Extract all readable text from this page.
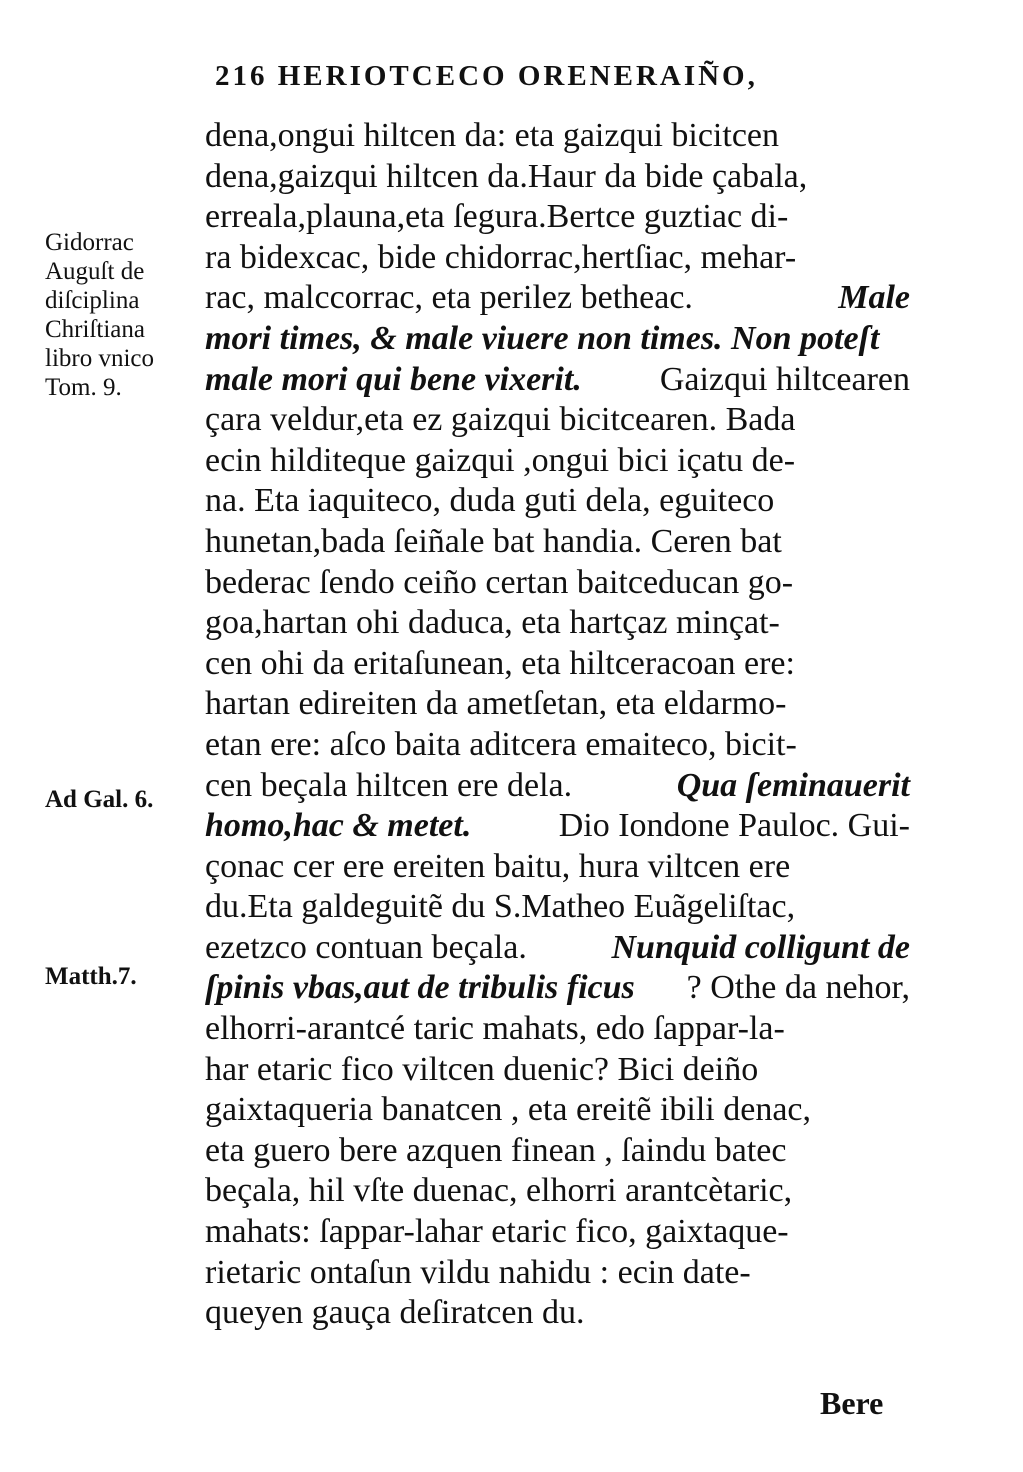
216 HERIOTCECO ORENERAIÑO,
Gidorrac
Auguſt de
diſciplina
Chriſtiana
libro vnico
Tom. 9.
Ad Gal. 6.
Matth.7.
dena,ongui hiltcen da: eta gaizqui bicitcen
dena,gaizqui hiltcen da.Haur da bide çabala,
erreala,plauna,eta ſegura.Bertce guztiac di-
ra bidexcac, bide chidorrac,hertſiac, mehar-
rac, malccorrac, eta perilez betheac.	Male
mori times, & male viuere non times. Non poteſt
male mori qui bene vixerit. Gaizqui hiltcearen
çara veldur,eta ez gaizqui bicitcearen. Bada
ecin hilditeque gaizqui ,ongui bici içatu de-
na. Eta iaquiteco, duda guti dela, eguiteco
hunetan,bada ſeiñale bat handia. Ceren bat
bederac ſendo ceiño certan baitceducan go-
goa,hartan ohi daduca, eta hartçaz minçat-
cen ohi da eritaſunean, eta hiltceracoan ere:
hartan edireiten da ametſetan, eta eldarmo-
etan ere: aſco baita aditcera emaiteco, bicit-
cen beçala hiltcen ere dela.	Qua ſeminauerit
homo,hac & metet.	Dio Iondone Pauloc. Gui-
çonac cer ere ereiten baitu, hura viltcen ere
du.Eta galdeguitẽ du S.Matheo Euãgeliſtac,
ezetzco contuan beçala. Nunquid colligunt de
ſpinis vbas,aut de tribulis ficus ? Othe da nehor,
elhorri-arantcé taric mahats, edo ſappar-la-
har etaric fico viltcen duenic? Bici deiño
gaixtaqueria banatcen , eta ereitẽ ibili denac,
eta guero bere azquen finean , ſaindu batec
beçala, hil vſte duenac, elhorri arantcètaric,
mahats: ſappar-lahar etaric fico, gaixtaque-
rietaric ontaſun vildu nahidu : ecin date-
queyen gauça deſiratcen du.
Bere
